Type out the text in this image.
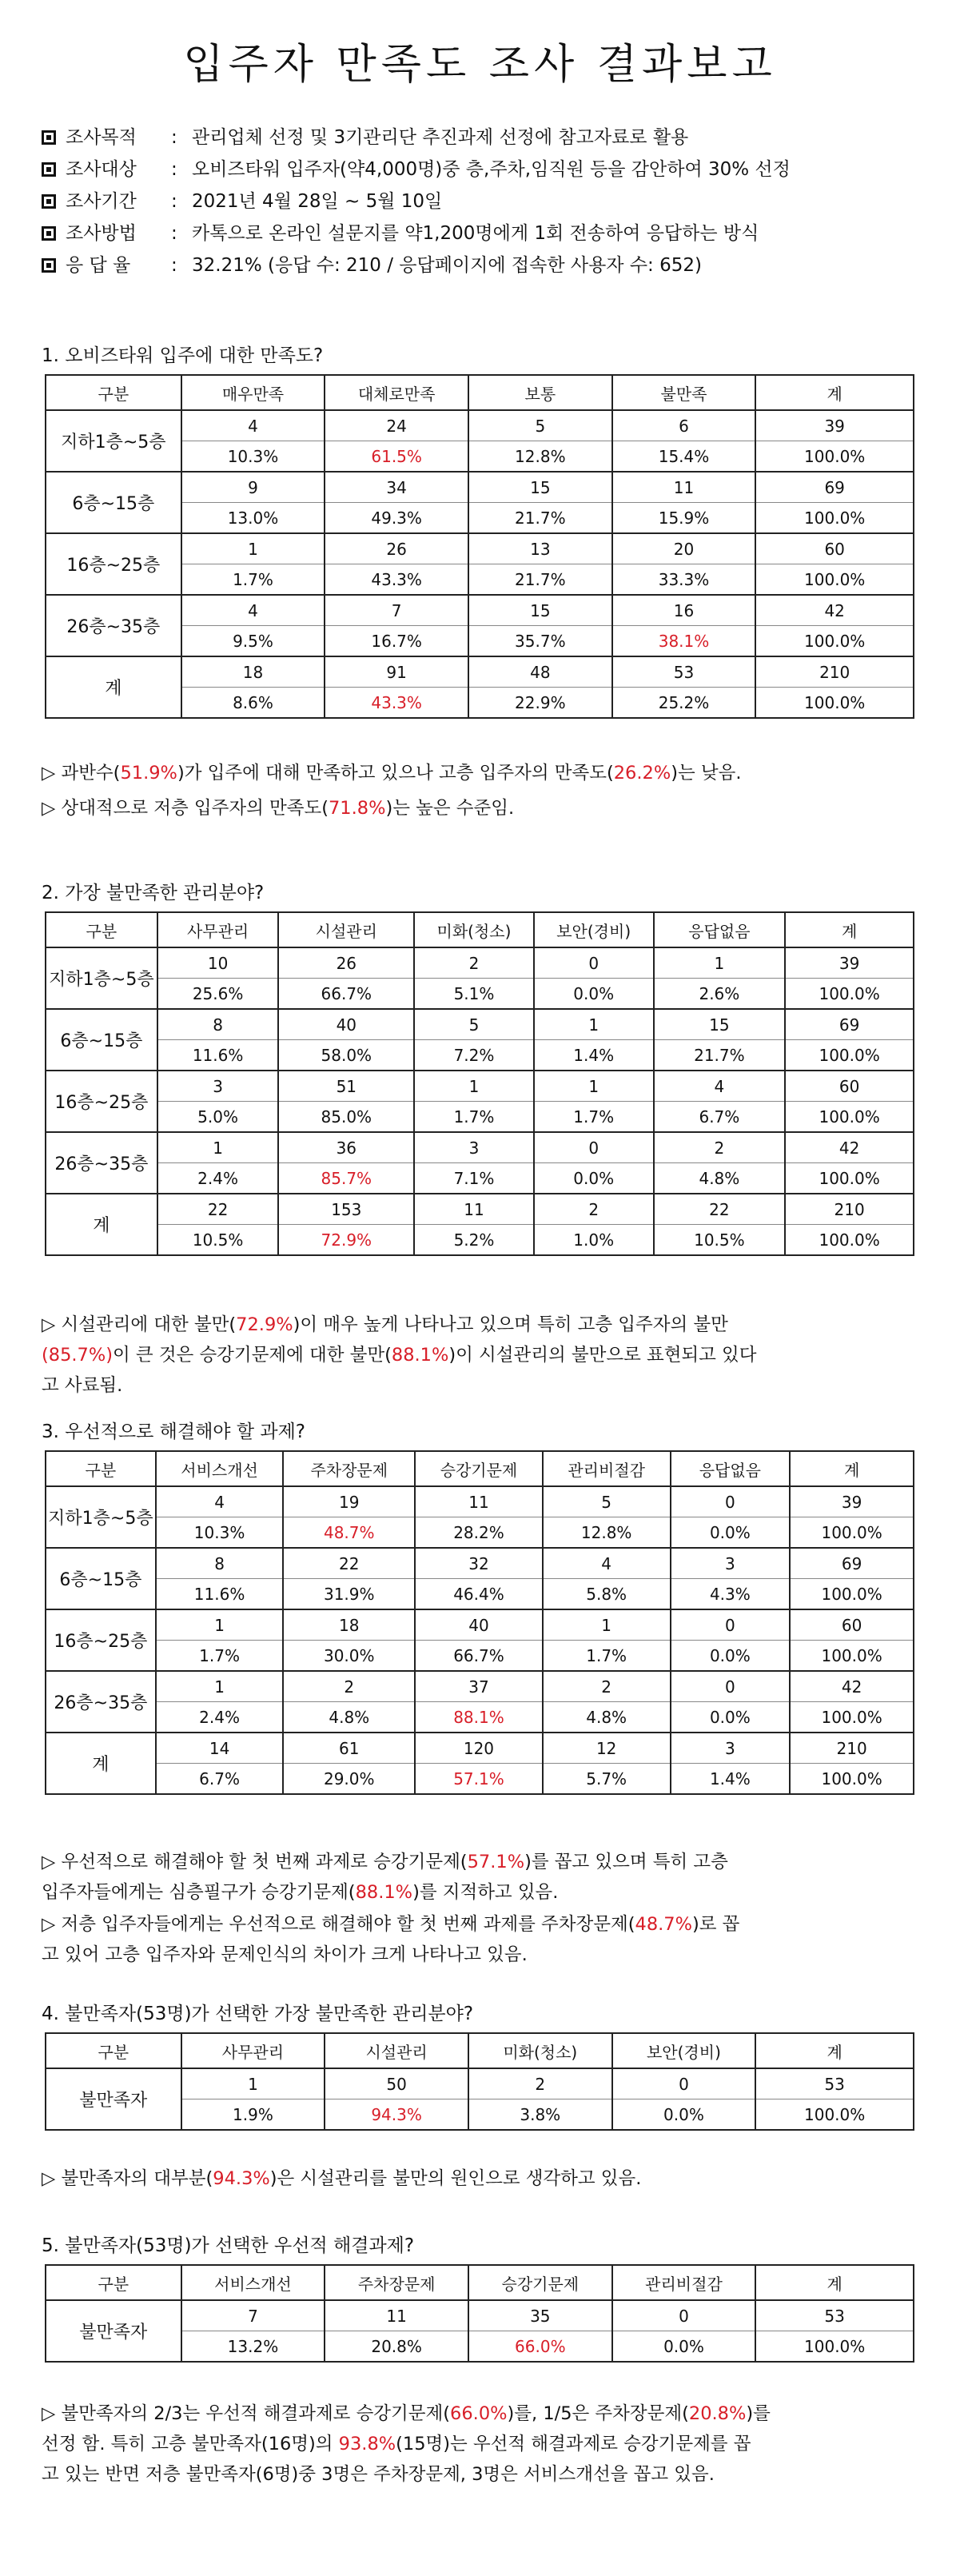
입주자 만족도 조사 결과보고
조사목적	: 관리업체 선정 및 3기관리단 추진과제 선정에 참고자료로 활용
조사대상	: 오비즈타워 입주자(약4,000명)중 층,주차,임직원 등을 감안하여 30% 선정
조사기간	: 2021년 4월 28일 ~ 5월 10일
조사방법	: 카톡으로 온라인 설문지를 약1,200명에게 1회 전송하여 응답하는 방식
응 답 율	: 32.21% (응답 수: 210 / 응답페이지에 접속한 사용자 수: 652)
1. 오비즈타워 입주에 대한 만족도?
구분	매우만족	대체로만족	보통	불만족	계
지하1층~5층	4	24	5	6	39
	10.3%	61.5%	12.8%	15.4%	100.0%
6층~15층	9	34	15	11	69
	13.0%	49.3%	21.7%	15.9%	100.0%
16층~25층	1	26	13	20	60
	1.7%	43.3%	21.7%	33.3%	100.0%
26층~35층	4	7	15	16	42
	9.5%	16.7%	35.7%	38.1%	100.0%
계	18	91	48	53	210
	8.6%	43.3%	22.9%	25.2%	100.0%
▷ 과반수(51.9%)가 입주에 대해 만족하고 있으나 고층 입주자의 만족도(26.2%)는 낮음.
▷ 상대적으로 저층 입주자의 만족도(71.8%)는 높은 수준임.
2. 가장 불만족한 관리분야?
구분	사무관리	시설관리	미화(청소)	보안(경비)	응답없음	계
지하1층~5층	10	26	2	0	1	39
	25.6%	66.7%	5.1%	0.0%	2.6%	100.0%
6층~15층	8	40	5	1	15	69
	11.6%	58.0%	7.2%	1.4%	21.7%	100.0%
16층~25층	3	51	1	1	4	60
	5.0%	85.0%	1.7%	1.7%	6.7%	100.0%
26층~35층	1	36	3	0	2	42
	2.4%	85.7%	7.1%	0.0%	4.8%	100.0%
계	22	153	11	2	22	210
	10.5%	72.9%	5.2%	1.0%	10.5%	100.0%
▷ 시설관리에 대한 불만(72.9%)이 매우 높게 나타나고 있으며 특히 고층 입주자의 불만
(85.7%)이 큰 것은 승강기문제에 대한 불만(88.1%)이 시설관리의 불만으로 표현되고 있다
고 사료됨.
3. 우선적으로 해결해야 할 과제?
구분	서비스개선	주차장문제	승강기문제	관리비절감	응답없음	계
지하1층~5층	4	19	11	5	0	39
	10.3%	48.7%	28.2%	12.8%	0.0%	100.0%
6층~15층	8	22	32	4	3	69
	11.6%	31.9%	46.4%	5.8%	4.3%	100.0%
16층~25층	1	18	40	1	0	60
	1.7%	30.0%	66.7%	1.7%	0.0%	100.0%
26층~35층	1	2	37	2	0	42
	2.4%	4.8%	88.1%	4.8%	0.0%	100.0%
계	14	61	120	12	3	210
	6.7%	29.0%	57.1%	5.7%	1.4%	100.0%
▷ 우선적으로 해결해야 할 첫 번째 과제로 승강기문제(57.1%)를 꼽고 있으며 특히 고층
입주자들에게는 심층필구가 승강기문제(88.1%)를 지적하고 있음.
▷ 저층 입주자들에게는 우선적으로 해결해야 할 첫 번째 과제를 주차장문제(48.7%)로 꼽
고 있어 고층 입주자와 문제인식의 차이가 크게 나타나고 있음.
4. 불만족자(53명)가 선택한 가장 불만족한 관리분야?
구분	사무관리	시설관리	미화(청소)	보안(경비)	계
불만족자	1	50	2	0	53
	1.9%	94.3%	3.8%	0.0%	100.0%
▷ 불만족자의 대부분(94.3%)은 시설관리를 불만의 원인으로 생각하고 있음.
5. 불만족자(53명)가 선택한 우선적 해결과제?
구분	서비스개선	주차장문제	승강기문제	관리비절감	계
불만족자	7	11	35	0	53
	13.2%	20.8%	66.0%	0.0%	100.0%
▷ 불만족자의 2/3는 우선적 해결과제로 승강기문제(66.0%)를, 1/5은 주차장문제(20.8%)를
선정 함. 특히 고층 불만족자(16명)의 93.8%(15명)는 우선적 해결과제로 승강기문제를 꼽
고 있는 반면 저층 불만족자(6명)중 3명은 주차장문제, 3명은 서비스개선을 꼽고 있음.
